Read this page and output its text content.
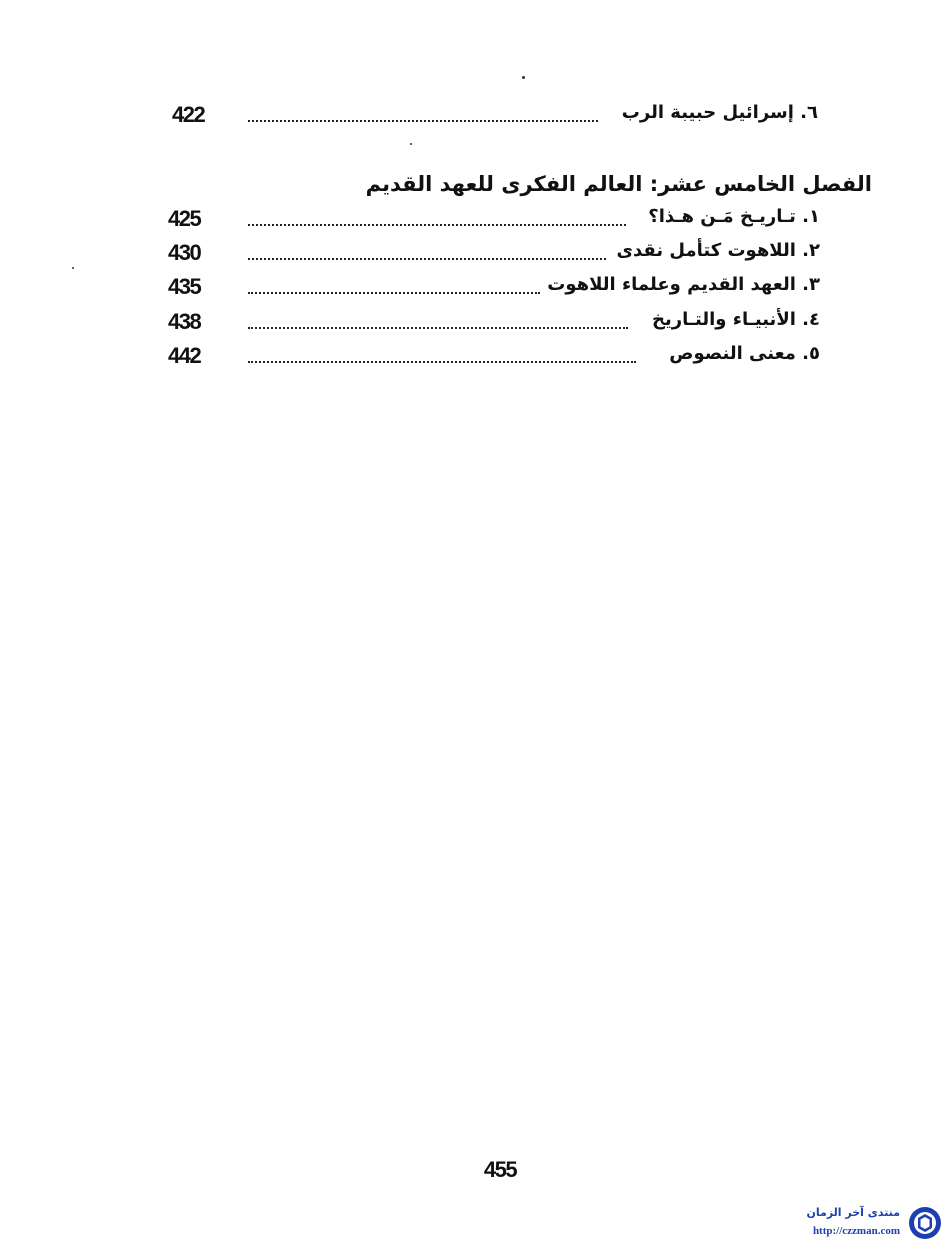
422	٦. إسرائيل حبيبة الرب
الفصل الخامس عشر: العالم الفكرى للعهد القديم
425	١. تـاريـخ مَـن هـذا؟
430	٢. اللاهوت كتأمل نقدى
435	٣. العهد القديم وعلماء اللاهوت
438	٤. الأنبيـاء والتـاريخ
442	٥. معنى النصوص
455
منتدى آخر الزمان
http://czzman.com
